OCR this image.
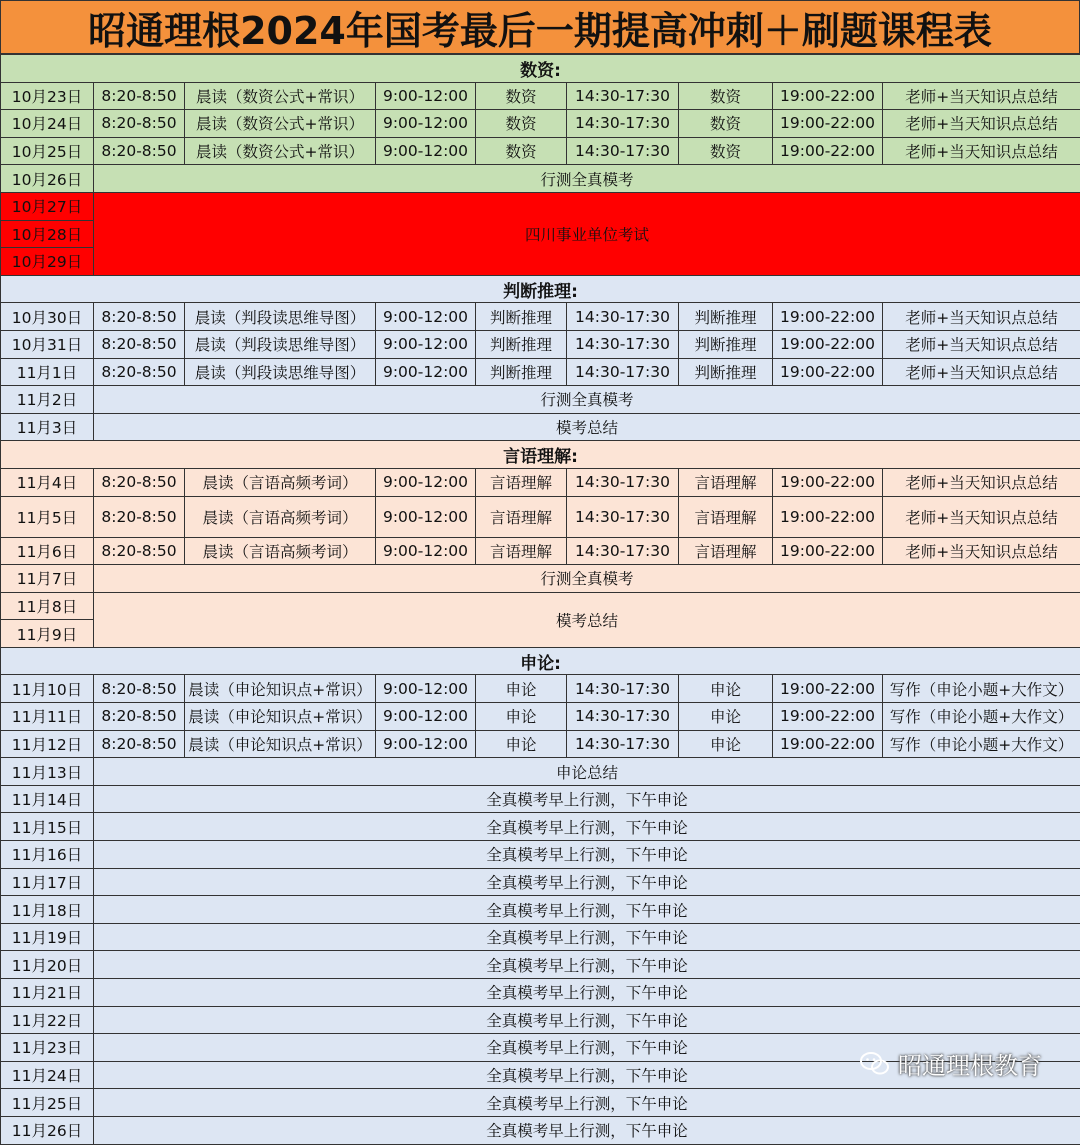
昭通理根2024年国考最后一期提高冲刺＋刷题课程表
数资:								
10月23日	8:20-8:50	晨读（数资公式+常识）	9:00-12:00	数资	14:30-17:30	数资	19:00-22:00	老师+当天知识点总结
10月24日	8:20-8:50	晨读（数资公式+常识）	9:00-12:00	数资	14:30-17:30	数资	19:00-22:00	老师+当天知识点总结
10月25日	8:20-8:50	晨读（数资公式+常识）	9:00-12:00	数资	14:30-17:30	数资	19:00-22:00	老师+当天知识点总结
10月26日	行测全真模考							
10月27日	四川事业单位考试							
10月28日								
10月29日								
判断推理:								
10月30日	8:20-8:50	晨读（判段读思维导图）	9:00-12:00	判断推理	14:30-17:30	判断推理	19:00-22:00	老师+当天知识点总结
10月31日	8:20-8:50	晨读（判段读思维导图）	9:00-12:00	判断推理	14:30-17:30	判断推理	19:00-22:00	老师+当天知识点总结
11月1日	8:20-8:50	晨读（判段读思维导图）	9:00-12:00	判断推理	14:30-17:30	判断推理	19:00-22:00	老师+当天知识点总结
11月2日	行测全真模考							
11月3日	模考总结							
言语理解:								
11月4日	8:20-8:50	晨读（言语高频考词）	9:00-12:00	言语理解	14:30-17:30	言语理解	19:00-22:00	老师+当天知识点总结
11月5日	8:20-8:50	晨读（言语高频考词）	9:00-12:00	言语理解	14:30-17:30	言语理解	19:00-22:00	老师+当天知识点总结
11月6日	8:20-8:50	晨读（言语高频考词）	9:00-12:00	言语理解	14:30-17:30	言语理解	19:00-22:00	老师+当天知识点总结
11月7日	行测全真模考							
11月8日	模考总结							
11月9日								
申论:								
11月10日	8:20-8:50	晨读（申论知识点+常识）	9:00-12:00	申论	14:30-17:30	申论	19:00-22:00	写作（申论小题+大作文）
11月11日	8:20-8:50	晨读（申论知识点+常识）	9:00-12:00	申论	14:30-17:30	申论	19:00-22:00	写作（申论小题+大作文）
11月12日	8:20-8:50	晨读（申论知识点+常识）	9:00-12:00	申论	14:30-17:30	申论	19:00-22:00	写作（申论小题+大作文）
11月13日	申论总结							
11月14日	全真模考早上行测，下午申论							
11月15日	全真模考早上行测，下午申论							
11月16日	全真模考早上行测，下午申论							
11月17日	全真模考早上行测，下午申论							
11月18日	全真模考早上行测，下午申论							
11月19日	全真模考早上行测，下午申论							
11月20日	全真模考早上行测，下午申论							
11月21日	全真模考早上行测，下午申论							
11月22日	全真模考早上行测，下午申论							
11月23日	全真模考早上行测，下午申论							
11月24日	全真模考早上行测，下午申论							
11月25日	全真模考早上行测，下午申论							
11月26日	全真模考早上行测，下午申论							
昭通理根教育
